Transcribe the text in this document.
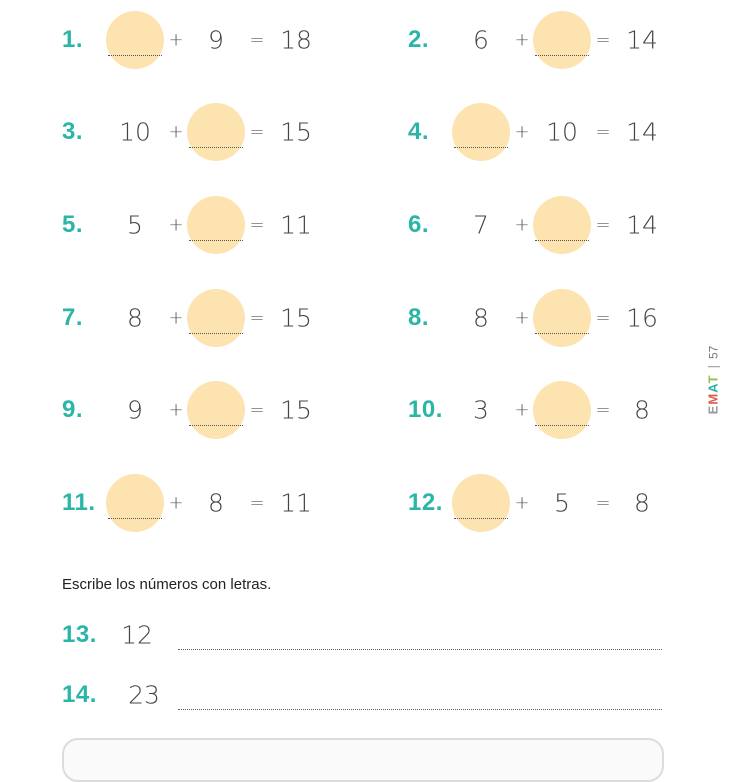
1.	+ 9 = 18	2. 6 +	= 14
3. 10 +	= 15	4.	+ 10 = 14
5. 5 +	= 11	6. 7 +	= 14
7. 8 +	= 15	8. 8 +	= 16
9. 9 +	= 15	10. 3 +	= 8
11.	+ 8 = 11	12.	+ 5 = 8
Escribe los números con letras.
13. 12
14. 23
EMAT
|
57
